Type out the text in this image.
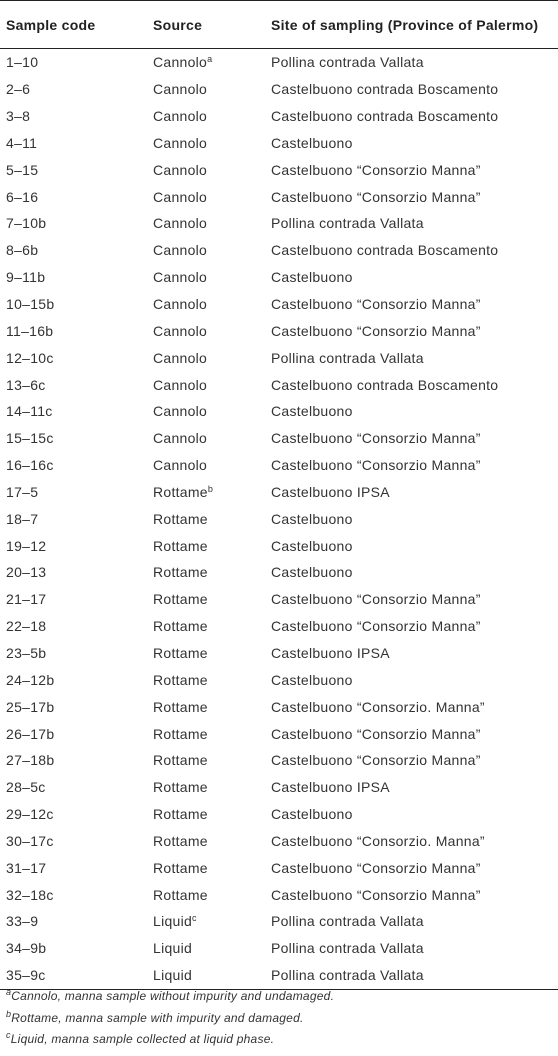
Sample code	Source	Site of sampling (Province of Palermo)
1–10	Cannolo$^a$	Pollina contrada Vallata
2–6	Cannolo	Castelbuono contrada Boscamento
3–8	Cannolo	Castelbuono contrada Boscamento
4–11	Cannolo	Castelbuono
5–15	Cannolo	Castelbuono “Consorzio Manna”
6–16	Cannolo	Castelbuono “Consorzio Manna”
7–10b	Cannolo	Pollina contrada Vallata
8–6b	Cannolo	Castelbuono contrada Boscamento
9–11b	Cannolo	Castelbuono
10–15b	Cannolo	Castelbuono “Consorzio Manna”
11–16b	Cannolo	Castelbuono “Consorzio Manna”
12–10c	Cannolo	Pollina contrada Vallata
13–6c	Cannolo	Castelbuono contrada Boscamento
14–11c	Cannolo	Castelbuono
15–15c	Cannolo	Castelbuono “Consorzio Manna”
16–16c	Cannolo	Castelbuono “Consorzio Manna”
17–5	Rottame$^b$	Castelbuono IPSA
18–7	Rottame	Castelbuono
19–12	Rottame	Castelbuono
20–13	Rottame	Castelbuono
21–17	Rottame	Castelbuono “Consorzio Manna”
22–18	Rottame	Castelbuono “Consorzio Manna”
23–5b	Rottame	Castelbuono IPSA
24–12b	Rottame	Castelbuono
25–17b	Rottame	Castelbuono “Consorzio. Manna”
26–17b	Rottame	Castelbuono “Consorzio Manna”
27–18b	Rottame	Castelbuono “Consorzio Manna”
28–5c	Rottame	Castelbuono IPSA
29–12c	Rottame	Castelbuono
30–17c	Rottame	Castelbuono “Consorzio. Manna”
31–17	Rottame	Castelbuono “Consorzio Manna”
32–18c	Rottame	Castelbuono “Consorzio Manna”
33–9	Liquid$^c$	Pollina contrada Vallata
34–9b	Liquid	Pollina contrada Vallata
35–9c	Liquid	Pollina contrada Vallata
$^a$Cannolo, manna sample without impurity and undamaged.
$^b$Rottame, manna sample with impurity and damaged.
$^c$Liquid, manna sample collected at liquid phase.
